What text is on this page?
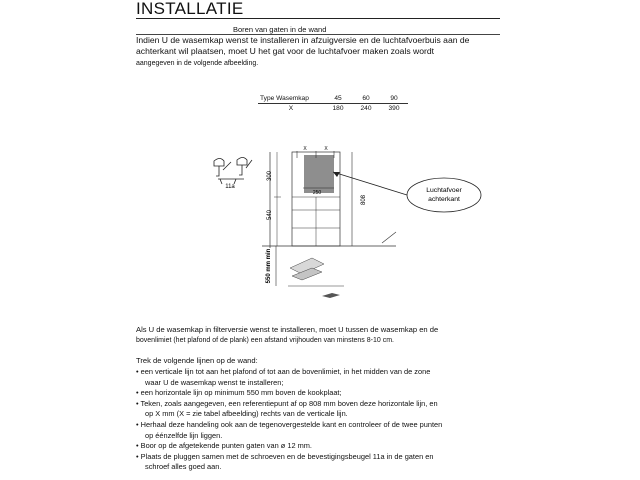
INSTALLATIE
Boren van gaten in de wand
Indien U de wasemkap wenst te installeren in afzuigversie en de luchtafvoerbuis aan de
achterkant wil plaatsen, moet U het gat voor de luchtafvoer maken zoals wordt
aangegeven in de volgende afbeelding.
Type Wasemkap	45	60	90
X	180	240	390
11a
300
540
250
X	X
808
550 mm min
Luchtafvoer
achterkant
Als U de wasemkap in filterversie wenst te installeren, moet U tussen de wasemkap en de
bovenlimiet (het plafond of de plank) een afstand vrijhouden van minstens 8-10 cm.
Trek de volgende lijnen op de wand:
• een verticale lijn tot aan het plafond of tot aan de bovenlimiet, in het midden van de zone
waar U de wasemkap wenst te installeren;
• een horizontale lijn op minimum 550 mm boven de kookplaat;
• Teken, zoals aangegeven, een referentiepunt af op 808 mm boven deze horizontale lijn, en
op X mm (X = zie tabel afbeelding) rechts van de verticale lijn.
• Herhaal deze handeling ook aan de tegenovergestelde kant en controleer of de twee punten
op éénzelfde lijn liggen.
• Boor op de afgetekende punten gaten van ø 12 mm.
• Plaats de pluggen samen met de schroeven en de bevestigingsbeugel 11a in de gaten en
schroef alles goed aan.
